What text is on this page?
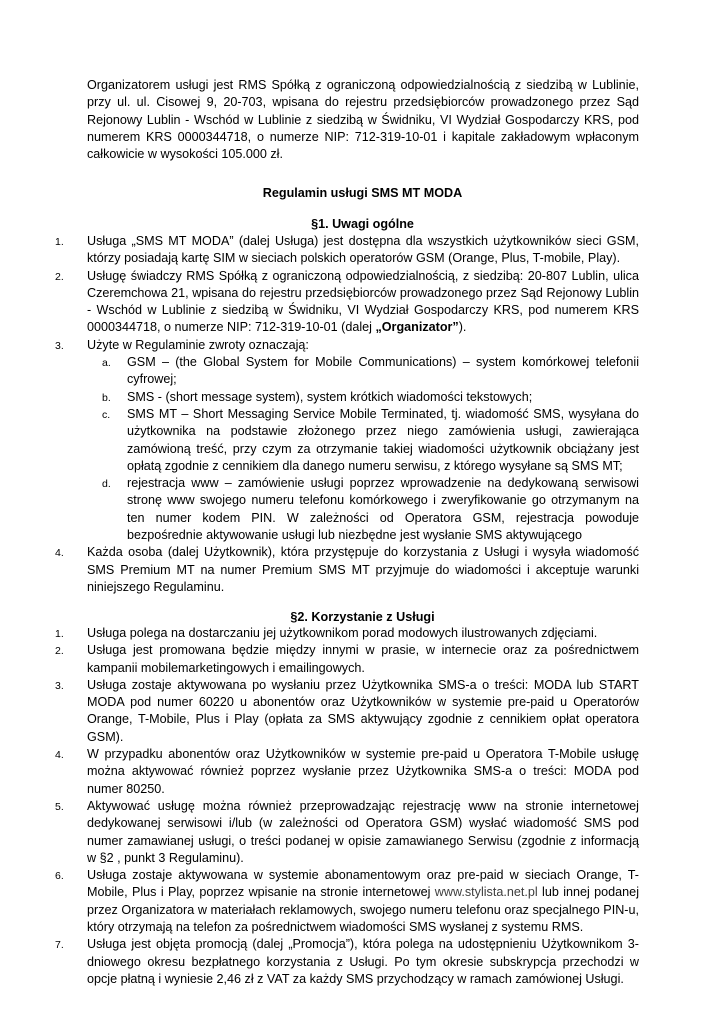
Organizatorem usługi jest RMS Spółką z ograniczoną odpowiedzialnością z siedzibą w Lublinie, przy ul. ul. Cisowej 9, 20-703, wpisana do rejestru przedsiębiorców prowadzonego przez Sąd Rejonowy Lublin - Wschód w Lublinie z siedzibą w Świdniku, VI Wydział Gospodarczy KRS, pod numerem KRS 0000344718, o numerze NIP: 712-319-10-01 i kapitale zakładowym wpłaconym całkowicie w wysokości 105.000 zł.
Regulamin usługi SMS MT MODA
§1. Uwagi ogólne
1. Usługa „SMS MT MODA” (dalej Usługa) jest dostępna dla wszystkich użytkowników sieci GSM, którzy posiadają kartę SIM w sieciach polskich operatorów GSM (Orange, Plus, T-mobile, Play).
2. Usługę świadczy RMS Spółką z ograniczoną odpowiedzialnością, z siedzibą: 20-807 Lublin, ulica Czeremchowa 21, wpisana do rejestru przedsiębiorców prowadzonego przez Sąd Rejonowy Lublin - Wschód w Lublinie z siedzibą w Świdniku, VI Wydział Gospodarczy KRS, pod numerem KRS 0000344718, o numerze NIP: 712-319-10-01 (dalej „Organizator”).
3. Użyte w Regulaminie zwroty oznaczają:
a. GSM – (the Global System for Mobile Communications) – system komórkowej telefonii cyfrowej;
b. SMS - (short message system), system krótkich wiadomości tekstowych;
c. SMS MT – Short Messaging Service Mobile Terminated, tj. wiadomość SMS, wysyłana do użytkownika na podstawie złożonego przez niego zamówienia usługi, zawierająca zamówioną treść, przy czym za otrzymanie takiej wiadomości użytkownik obciążany jest opłatą zgodnie z cennikiem dla danego numeru serwisu, z którego wysyłane są SMS MT;
d. rejestracja www – zamówienie usługi poprzez wprowadzenie na dedykowaną serwisowi stronę www swojego numeru telefonu komórkowego i zweryfikowanie go otrzymanym na ten numer kodem PIN. W zależności od Operatora GSM, rejestracja powoduje bezpośrednie aktywowanie usługi lub niezbędne jest wysłanie SMS aktywującego
4. Każda osoba (dalej Użytkownik), która przystępuje do korzystania z Usługi i wysyła wiadomość SMS Premium MT na numer Premium SMS MT przyjmuje do wiadomości i akceptuje warunki niniejszego Regulaminu.
§2. Korzystanie z Usługi
1. Usługa polega na dostarczaniu jej użytkownikom porad modowych ilustrowanych zdjęciami.
2. Usługa jest promowana będzie między innymi w prasie, w internecie oraz za pośrednictwem kampanii mobilemarketingowych i emailingowych.
3. Usługa zostaje aktywowana po wysłaniu przez Użytkownika SMS-a o treści: MODA lub START MODA pod numer 60220 u abonentów oraz Użytkowników w systemie pre-paid u Operatorów Orange, T-Mobile, Plus i Play (opłata za SMS aktywujący zgodnie z cennikiem opłat operatora GSM).
4. W przypadku abonentów oraz Użytkowników w systemie pre-paid u Operatora T-Mobile usługę można aktywować również poprzez wysłanie przez Użytkownika SMS-a o treści: MODA pod numer 80250.
5. Aktywować usługę można również przeprowadzając rejestrację www na stronie internetowej dedykowanej serwisowi i/lub (w zależności od Operatora GSM) wysłać wiadomość SMS pod numer zamawianej usługi, o treści podanej w opisie zamawianego Serwisu (zgodnie z informacją w §2 , punkt 3 Regulaminu).
6. Usługa zostaje aktywowana w systemie abonamentowym oraz pre-paid w sieciach Orange, T-Mobile, Plus i Play, poprzez wpisanie na stronie internetowej www.stylista.net.pl lub innej podanej przez Organizatora w materiałach reklamowych, swojego numeru telefonu oraz specjalnego PIN-u, który otrzymają na telefon za pośrednictwem wiadomości SMS wysłanej z systemu RMS.
7. Usługa jest objęta promocją (dalej „Promocja”), która polega na udostępnieniu Użytkownikom 3-dniowego okresu bezpłatnego korzystania z Usługi. Po tym okresie subskrypcja przechodzi w opcje płatną i wyniesie 2,46 zł z VAT za każdy SMS przychodzący w ramach zamówionej Usługi.
